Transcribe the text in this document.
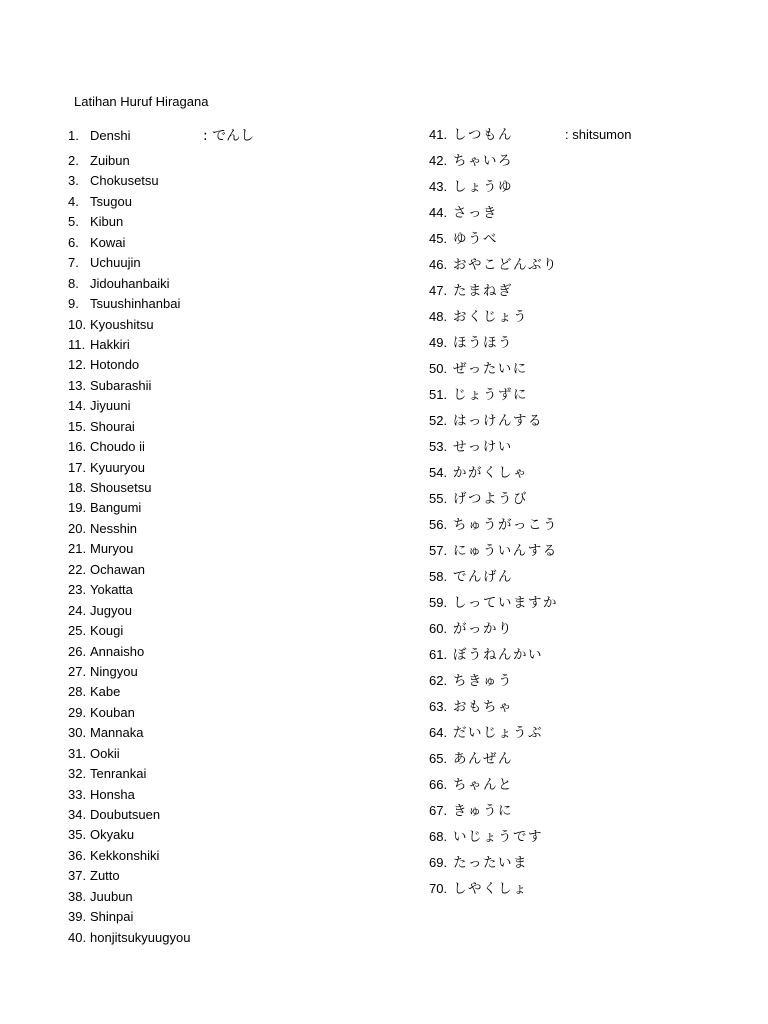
Latihan Huruf Hiragana
1. Denshi	: でんし
2. Zuibun
3. Chokusetsu
4. Tsugou
5. Kibun
6. Kowai
7. Uchuujin
8. Jidouhanbaiki
9. Tsuushinhanbai
10. Kyoushitsu
11. Hakkiri
12. Hotondo
13. Subarashii
14. Jiyuuni
15. Shourai
16. Choudo ii
17. Kyuuryou
18. Shousetsu
19. Bangumi
20. Nesshin
21. Muryou
22. Ochawan
23. Yokatta
24. Jugyou
25. Kougi
26. Annaisho
27. Ningyou
28. Kabe
29. Kouban
30. Mannaka
31. Ookii
32. Tenrankai
33. Honsha
34. Doubutsuen
35. Okyaku
36. Kekkonshiki
37. Zutto
38. Juubun
39. Shinpai
40. honjitsukyuugyou
41. しつもん	: shitsumon
42. ちゃいろ
43. しょうゆ
44. さっき
45. ゆうべ
46. おやこどんぶり
47. たまねぎ
48. おくじょう
49. ほうほう
50. ぜったいに
51. じょうずに
52. はっけんする
53. せっけい
54. かがくしゃ
55. げつようび
56. ちゅうがっこう
57. にゅういんする
58. でんげん
59. しっていますか
60. がっかり
61. ぼうねんかい
62. ちきゅう
63. おもちゃ
64. だいじょうぶ
65. あんぜん
66. ちゃんと
67. きゅうに
68. いじょうです
69. たったいま
70. しやくしょ
